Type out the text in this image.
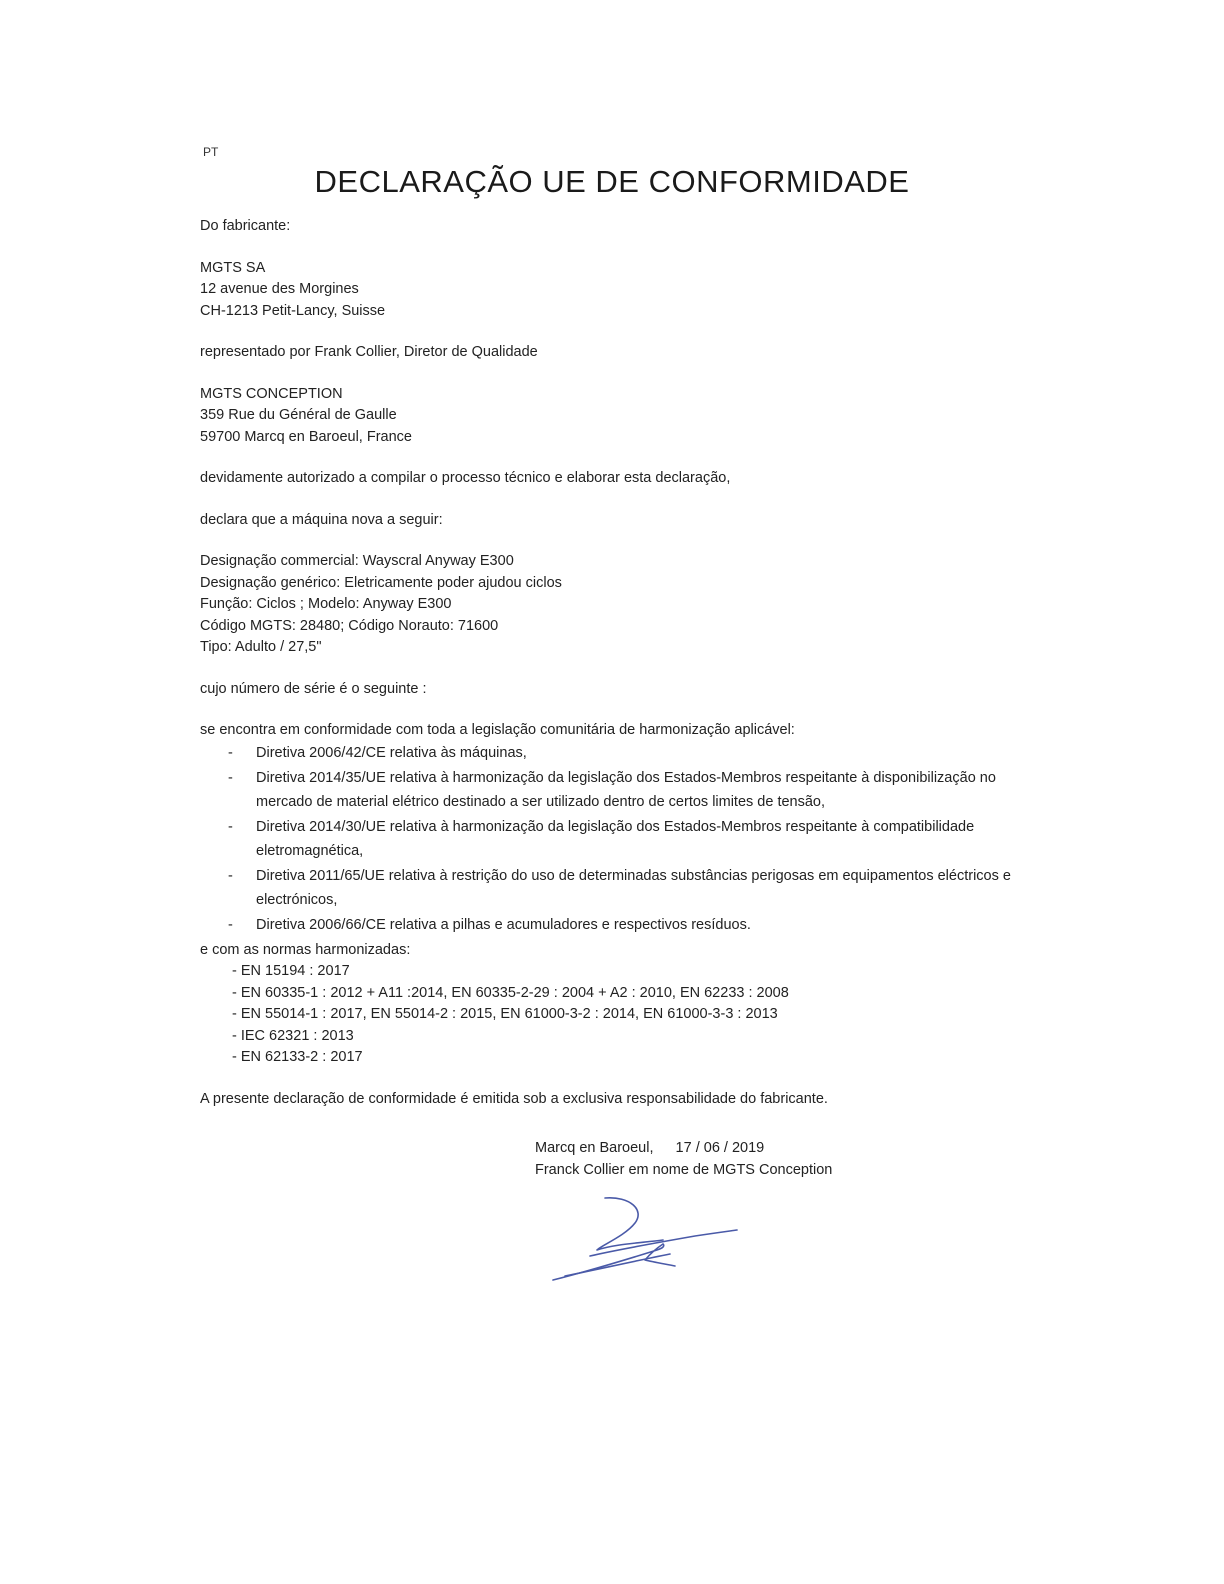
PT
DECLARAÇÃO UE DE CONFORMIDADE

Do fabricante:

MGTS SA

12 avenue des Morgines

CH-1213 Petit-Lancy, Suisse

representado por Frank Collier, Diretor de Qualidade

MGTS CONCEPTION

359 Rue du Général de Gaulle

59700 Marcq en Baroeul, France

devidamente autorizado a compilar o processo técnico e elaborar esta declaração,

declara que a máquina nova a seguir:

Designação commercial: Wayscral Anyway E300

Designação genérico: Eletricamente poder ajudou ciclos

Função: Ciclos ; Modelo: Anyway E300

Código MGTS: 28480; Código Norauto: 71600

Tipo: Adulto / 27,5"

cujo número de série é o seguinte :

se encontra em conformidade com toda a legislação comunitária de harmonização aplicável:

- Diretiva 2006/42/CE relativa às máquinas,
- Diretiva 2014/35/UE relativa à harmonização da legislação dos Estados-Membros respeitante à disponibilização no mercado de material elétrico destinado a ser utilizado dentro de certos limites de tensão,
- Diretiva 2014/30/UE relativa à harmonização da legislação dos Estados-Membros respeitante à compatibilidade eletromagnética,
- Diretiva 2011/65/UE relativa à restrição do uso de determinadas substâncias perigosas em equipamentos eléctricos e electrónicos,
- Diretiva 2006/66/CE relativa a pilhas e acumuladores e respectivos resíduos.

e com as normas harmonizadas:

- EN 15194 : 2017
- EN 60335-1 : 2012 + A11 :2014, EN 60335-2-29 : 2004 + A2 : 2010, EN 62233 : 2008
- EN 55014-1 : 2017, EN 55014-2 : 2015, EN 61000-3-2 : 2014, EN 61000-3-3 : 2013
- IEC 62321 : 2013
- EN 62133-2 : 2017

A presente declaração de conformidade é emitida sob a exclusiva responsabilidade do fabricante.

Marcq en Baroeul, 17 / 06 / 2019
Franck Collier em nome de MGTS Conception
